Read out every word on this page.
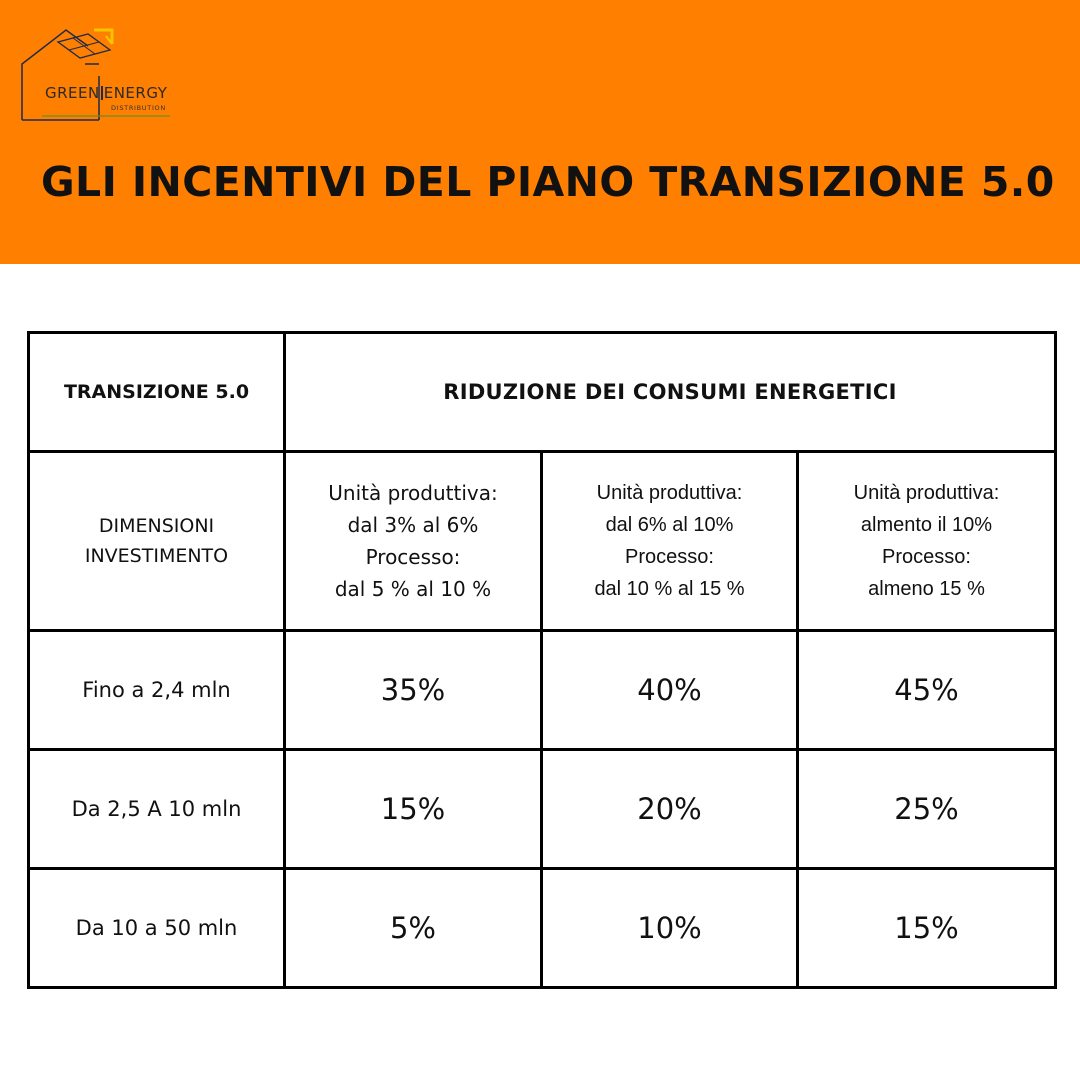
GREEN ENERGY
DISTRIBUTION
GLI INCENTIVI DEL PIANO TRANSIZIONE 5.0
TRANSIZIONE 5.0	RIDUZIONE DEI CONSUMI ENERGETICI		

DIMENSIONI
INVESTIMENTO	Unità produttiva:
dal 3% al 6%
Processo:
dal 5 % al 10 %	Unità produttiva:
dal 6% al 10%
Processo:
dal 10 % al 15 %	Unità produttiva:
almento il 10%
Processo:
almeno 15 %

Fino a 2,4 mln	35%	40%	45%
Da 2,5 A 10 mln	15%	20%	25%
Da 10 a 50 mln	5%	10%	15%
